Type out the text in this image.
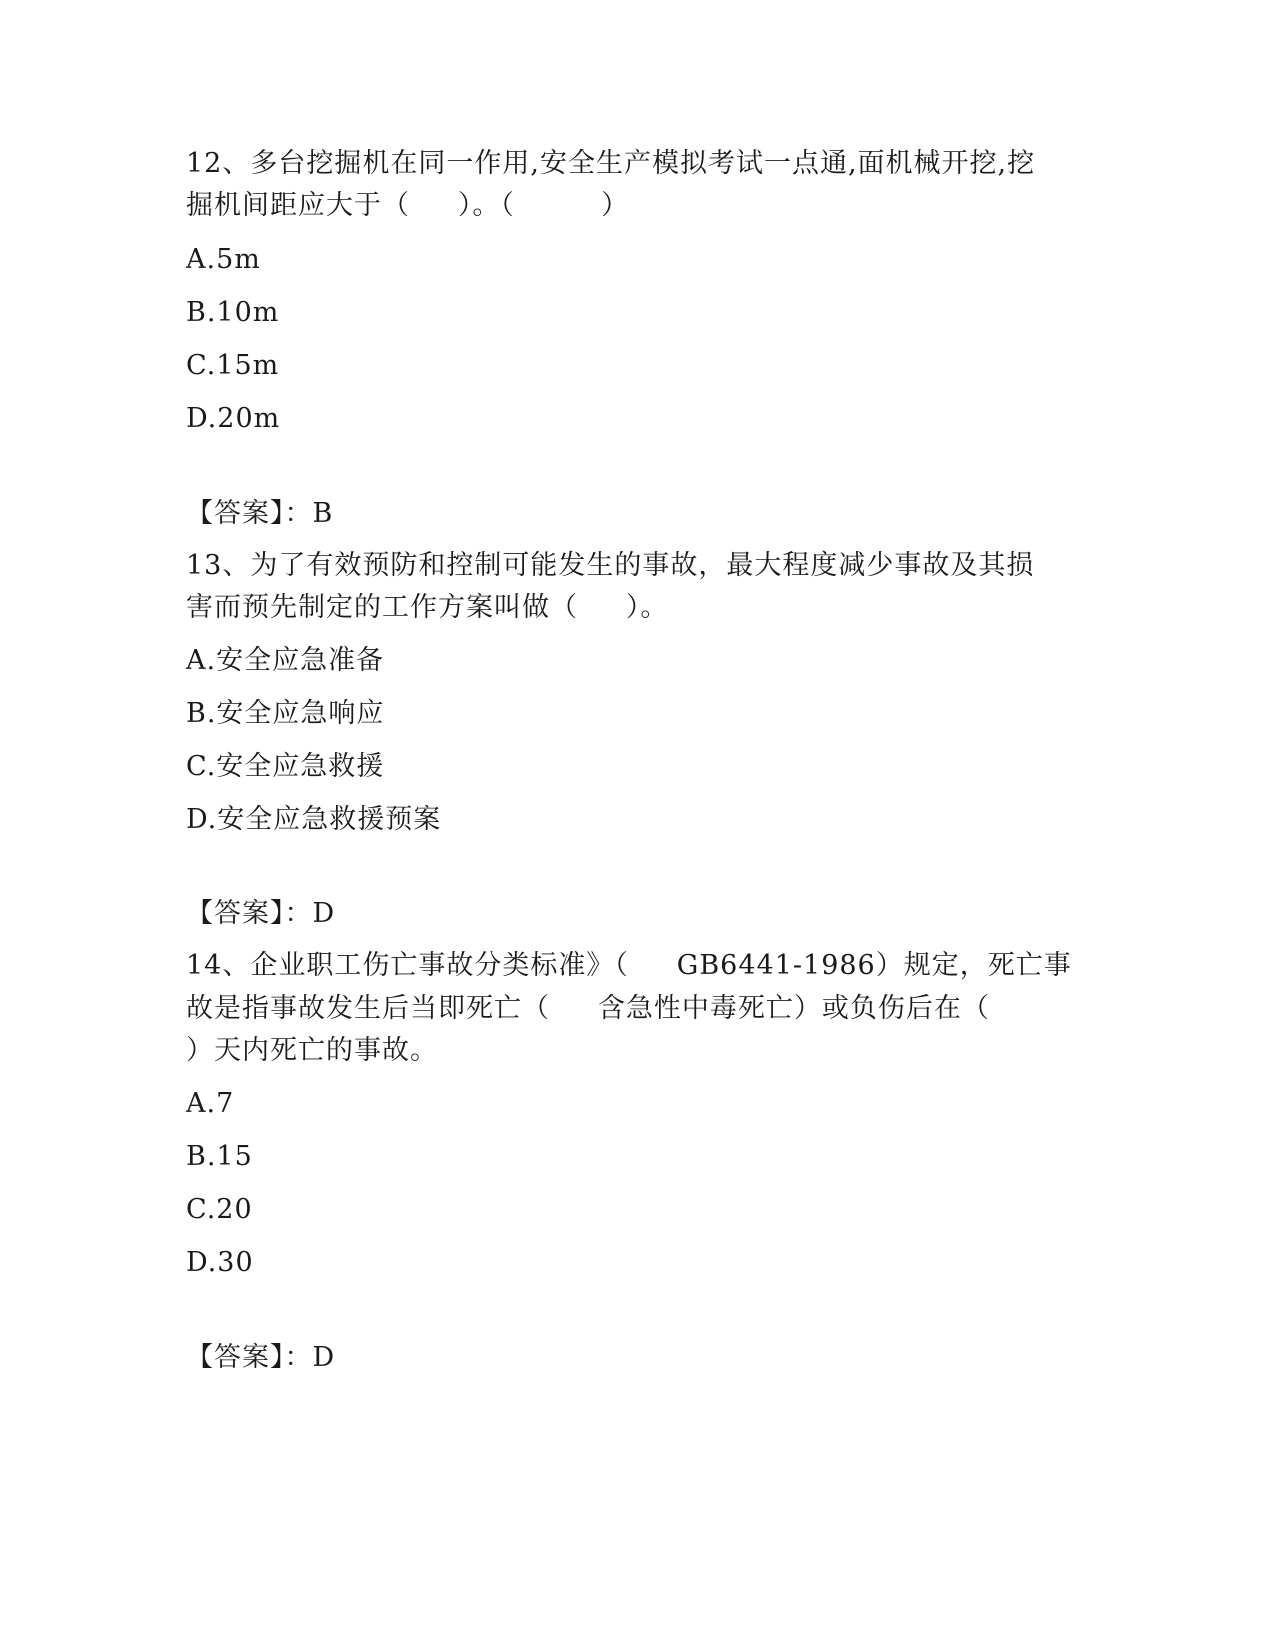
12、多台挖掘机在同一作用,安全生产模拟考试一点通,面机械开挖,挖
掘机间距应大于（     ）。（         ）
A.5m
B.10m
C.15m
D.20m
【答案】：B
13、为了有效预防和控制可能发生的事故，最大程度减少事故及其损
害而预先制定的工作方案叫做（     ）。
A.安全应急准备
B.安全应急响应
C.安全应急救援
D.安全应急救援预案
【答案】：D
14、企业职工伤亡事故分类标准》（     GB6441-1986）规定，死亡事
故是指事故发生后当即死亡（     含急性中毒死亡）或负伤后在（
）天内死亡的事故。
A.7
B.15
C.20
D.30
【答案】：D
